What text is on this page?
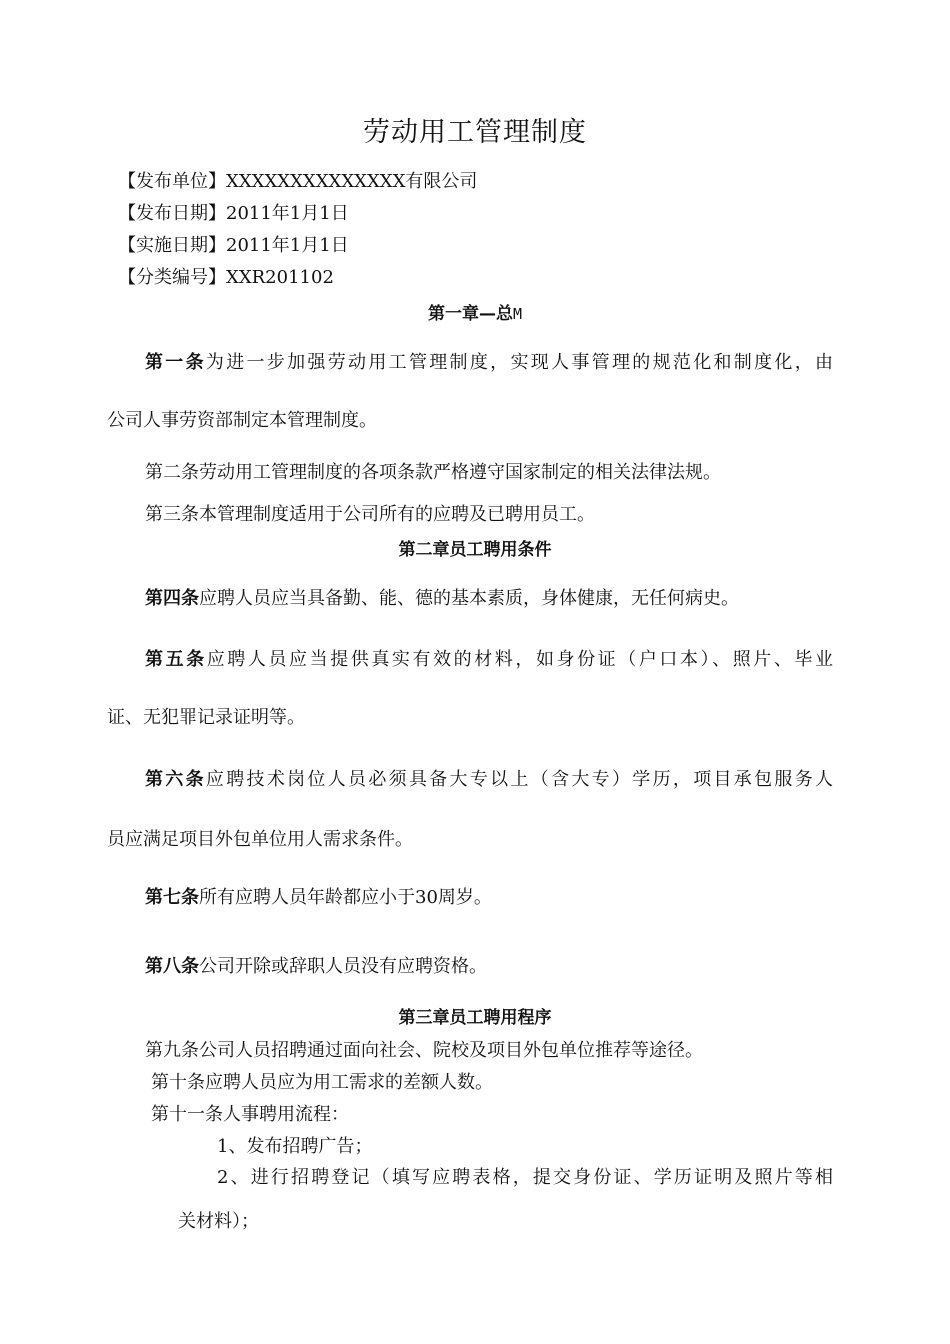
劳动用工管理制度
【发布单位】XXXXXXXXXXXXXX有限公司
【发布日期】2011年1月1日
【实施日期】2011年1月1日
【分类编号】XXR201102
第一章—总M
第一条为进一步加强劳动用工管理制度，实现人事管理的规范化和制度化，由
公司人事劳资部制定本管理制度。
第二条劳动用工管理制度的各项条款严格遵守国家制定的相关法律法规。
第三条本管理制度适用于公司所有的应聘及已聘用员工。
第二章员工聘用条件
第四条应聘人员应当具备勤、能、德的基本素质，身体健康，无任何病史。
第五条应聘人员应当提供真实有效的材料，如身份证（户口本）、照片、毕业
证、无犯罪记录证明等。
第六条应聘技术岗位人员必须具备大专以上（含大专）学历，项目承包服务人
员应满足项目外包单位用人需求条件。
第七条所有应聘人员年龄都应小于30周岁。
第八条公司开除或辞职人员没有应聘资格。
第三章员工聘用程序
第九条公司人员招聘通过面向社会、院校及项目外包单位推荐等途径。
第十条应聘人员应为用工需求的差额人数。
第十一条人事聘用流程：
1、发布招聘广告；
2、进行招聘登记（填写应聘表格，提交身份证、学历证明及照片等相
关材料）；
